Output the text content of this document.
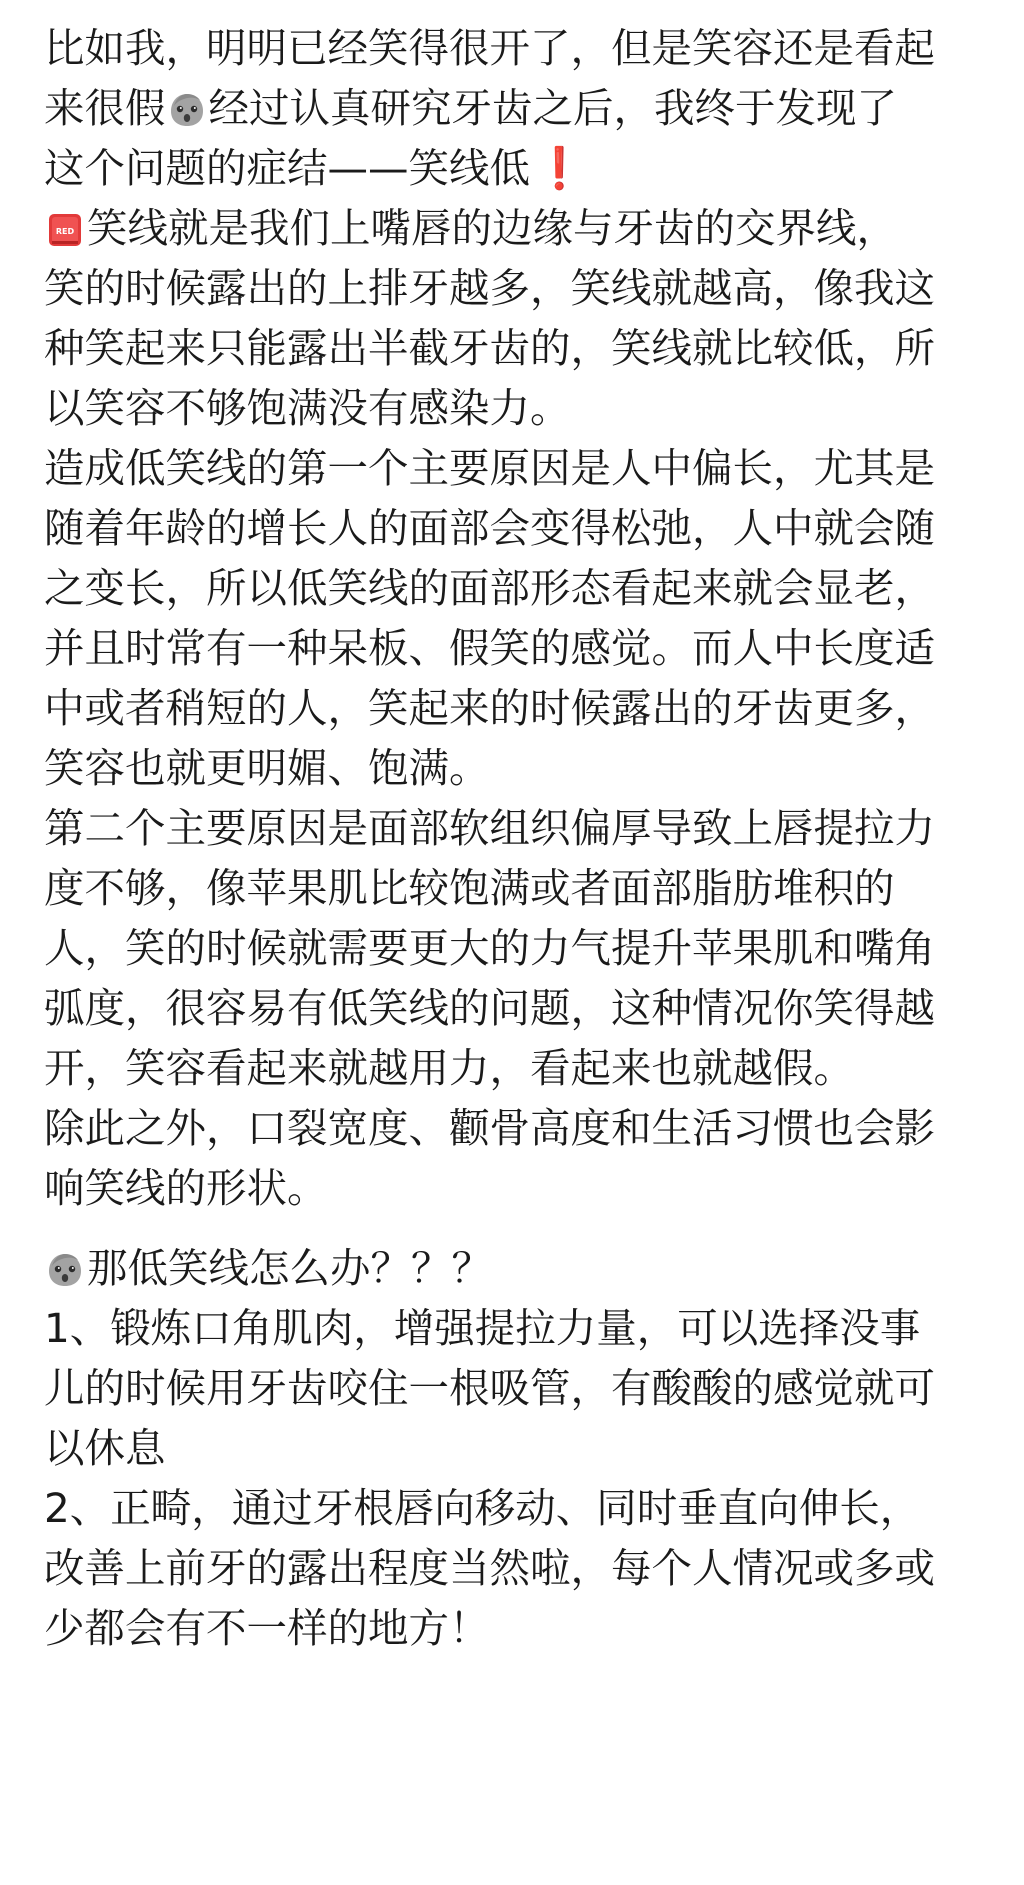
比如我，明明已经笑得很开了，但是笑容还是看起
来很假 经过认真研究牙齿之后，我终于发现了
这个问题的症结——笑线低❗
RED 笑线就是我们上嘴唇的边缘与牙齿的交界线，
笑的时候露出的上排牙越多，笑线就越高，像我这
种笑起来只能露出半截牙齿的，笑线就比较低，所
以笑容不够饱满没有感染力。
造成低笑线的第一个主要原因是人中偏长，尤其是
随着年龄的增长人的面部会变得松弛，人中就会随
之变长，所以低笑线的面部形态看起来就会显老，
并且时常有一种呆板、假笑的感觉。而人中长度适
中或者稍短的人，笑起来的时候露出的牙齿更多，
笑容也就更明媚、饱满。
第二个主要原因是面部软组织偏厚导致上唇提拉力
度不够，像苹果肌比较饱满或者面部脂肪堆积的
人，笑的时候就需要更大的力气提升苹果肌和嘴角
弧度，很容易有低笑线的问题，这种情况你笑得越
开，笑容看起来就越用力，看起来也就越假。
除此之外，口裂宽度、颧骨高度和生活习惯也会影
响笑线的形状。
那低笑线怎么办？？？
1、锻炼口角肌肉，增强提拉力量，可以选择没事
儿的时候用牙齿咬住一根吸管，有酸酸的感觉就可
以休息
2、正畸，通过牙根唇向移动、同时垂直向伸长，
改善上前牙的露出程度当然啦，每个人情况或多或
少都会有不一样的地方！
